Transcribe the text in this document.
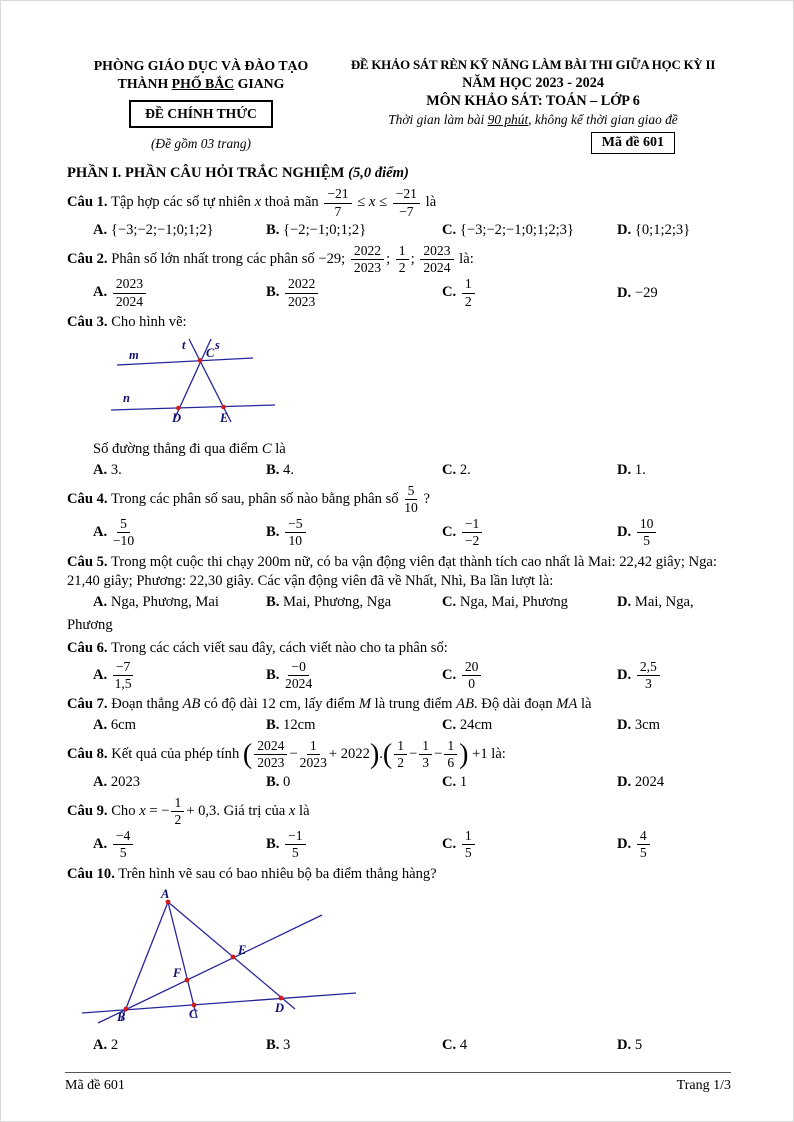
PHÒNG GIÁO DỤC VÀ ĐÀO TẠO
THÀNH PHỐ BẮC GIANG
ĐỀ CHÍNH THỨC
(Đề gồm 03 trang)
ĐỀ KHẢO SÁT RÈN KỸ NĂNG LÀM BÀI THI GIỮA HỌC KỲ II
NĂM HỌC 2023 - 2024
MÔN KHẢO SÁT: TOÁN – LỚP 6
Thời gian làm bài 90 phút, không kể thời gian giao đề
Mã đề 601

PHẦN I. PHẦN CÂU HỎI TRẮC NGHIỆM (5,0 điểm)

Câu 1. Tập hợp các số tự nhiên x thoả mãn $\frac{-21}{7} \le x \le \frac{-21}{-7}$ là

A. {−3;−2;−1;0;1;2}	B. {−2;−1;0;1;2}	C. {−3;−2;−1;0;1;2;3}	D. {0;1;2;3}

Câu 2. Phân số lớn nhất trong các phân số −29; $\frac{2022}{2023}$ ; $\frac{1}{2}$ ; $\frac{2023}{2024}$ là:

A. $\frac{2023}{2024}$	B. $\frac{2022}{2023}$	C. $\frac{1}{2}$	D. −29

Câu 3. Cho hình vẽ:

m
n
t s
C
D	E

Số đường thẳng đi qua điểm C là

A. 3.	B. 4.	C. 2.	D. 1.

Câu 4. Trong các phân số sau, phân số nào bằng phân số $\frac{5}{10}$ ?

A. $\frac{5}{-10}$	B. $\frac{-5}{10}$	C. $\frac{-1}{-2}$	D. $\frac{10}{5}$

Câu 5. Trong một cuộc thi chạy 200m nữ, có ba vận động viên đạt thành tích cao nhất là Mai: 22,42 giây; Nga: 21,40 giây; Phương: 22,30 giây. Các vận động viên đã về Nhất, Nhì, Ba lần lượt là:

A. Nga, Phương, Mai	B. Mai, Phương, Nga	C. Nga, Mai, Phương	D. Mai, Nga,

Phương

Câu 6. Trong các cách viết sau đây, cách viết nào cho ta phân số:

A. $\frac{-7}{1,5}$	B. $\frac{-0}{2024}$	C. $\frac{20}{0}$	D. $\frac{2,5}{3}$

Câu 7. Đoạn thẳng AB có độ dài 12 cm, lấy điểm M là trung điểm AB. Độ dài đoạn MA là

A. 6cm	B. 12cm	C. 24cm	D. 3cm

Câu 8. Kết quả của phép tính ( $\frac{2024}{2023} - \frac{1}{2023} + 2022).( \frac{1}{2} - \frac{1}{3} - \frac{1}{6}$ ) +1 là:

A. 2023	B. 0	C. 1	D. 2024

Câu 9. Cho x = − $\frac{1}{2} + 0,3$. Giá trị của x là

A. $\frac{-4}{5}$	B. $\frac{-1}{5}$	C. $\frac{1}{5}$	D. $\frac{4}{5}$

Câu 10. Trên hình vẽ sau có bao nhiêu bộ ba điểm thẳng hàng?

A
B	C	D
E
F
A. 2	B. 3	C. 4	D. 5
Mã đề 601	Trang 1/3
